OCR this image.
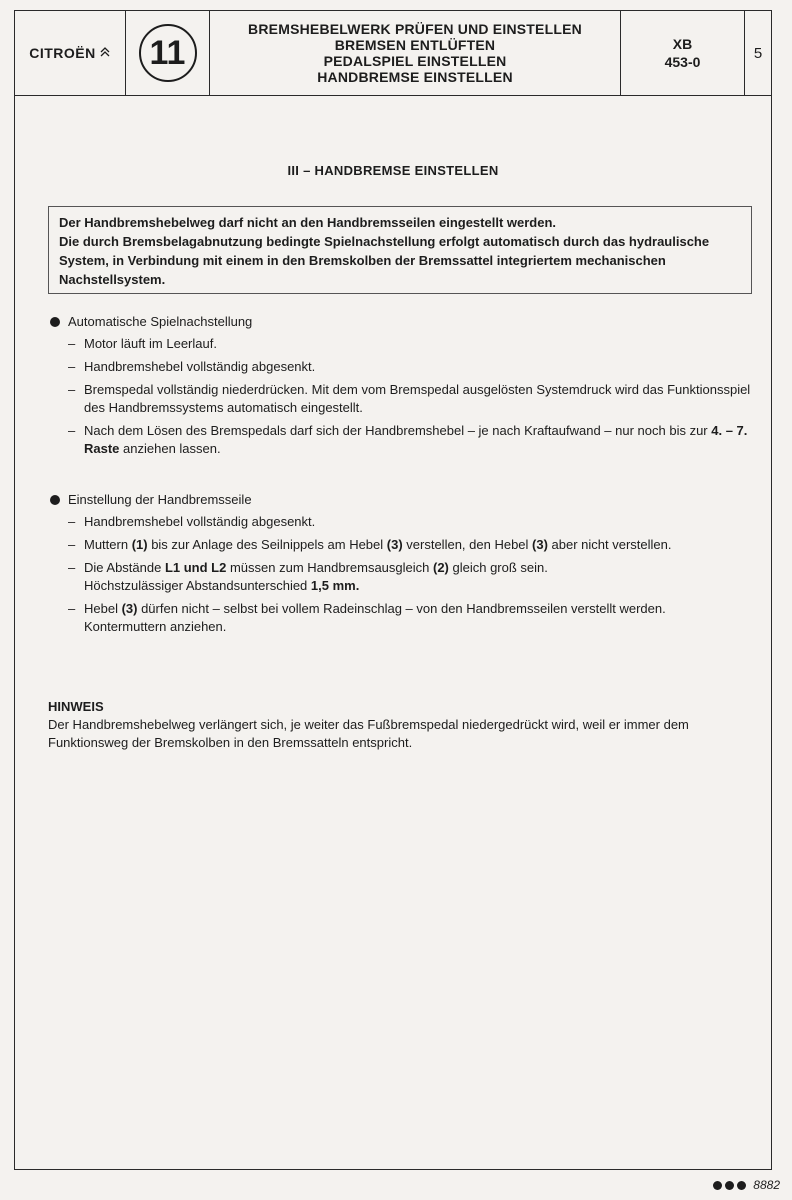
CITROËN	11
BREMSHEBELWERK PRÜFEN UND EINSTELLEN
BREMSEN ENTLÜFTEN
PEDALSPIEL EINSTELLEN
HANDBREMSE EINSTELLEN
XB
453-0
5
III – HANDBREMSE EINSTELLEN

Der Handbremshebelweg darf nicht an den Handbremsseilen eingestellt werden.

Die durch Bremsbelagabnutzung bedingte Spielnachstellung erfolgt automatisch durch das hydraulische System, in Verbindung mit einem in den Bremskolben der Bremssattel integriertem mechanischen Nachstellsystem.

Automatische Spielnachstellung
– Motor läuft im Leerlauf.

– Handbremshebel vollständig abgesenkt.

– Bremspedal vollständig niederdrücken. Mit dem vom Bremspedal ausgelösten Systemdruck wird das Funktionsspiel des Handbremssystems automatisch eingestellt.

– Nach dem Lösen des Bremspedals darf sich der Handbremshebel – je nach Kraftaufwand – nur noch bis zur 4. – 7. Raste anziehen lassen.

Einstellung der Handbremsseile
– Handbremshebel vollständig abgesenkt.

– Muttern (1) bis zur Anlage des Seilnippels am Hebel (3) verstellen, den Hebel (3) aber nicht verstellen.

– Die Abstände L1 und L2 müssen zum Handbremsausgleich (2) gleich groß sein.
Höchstzulässiger Abstandsunterschied 1,5 mm.

– Hebel (3) dürfen nicht – selbst bei vollem Radeinschlag – von den Handbremsseilen verstellt werden.
Kontermuttern anziehen.

HINWEIS
Der Handbremshebelweg verlängert sich, je weiter das Fußbremspedal niedergedrückt wird, weil er immer dem Funktionsweg der Bremskolben in den Bremssatteln entspricht.
8882
